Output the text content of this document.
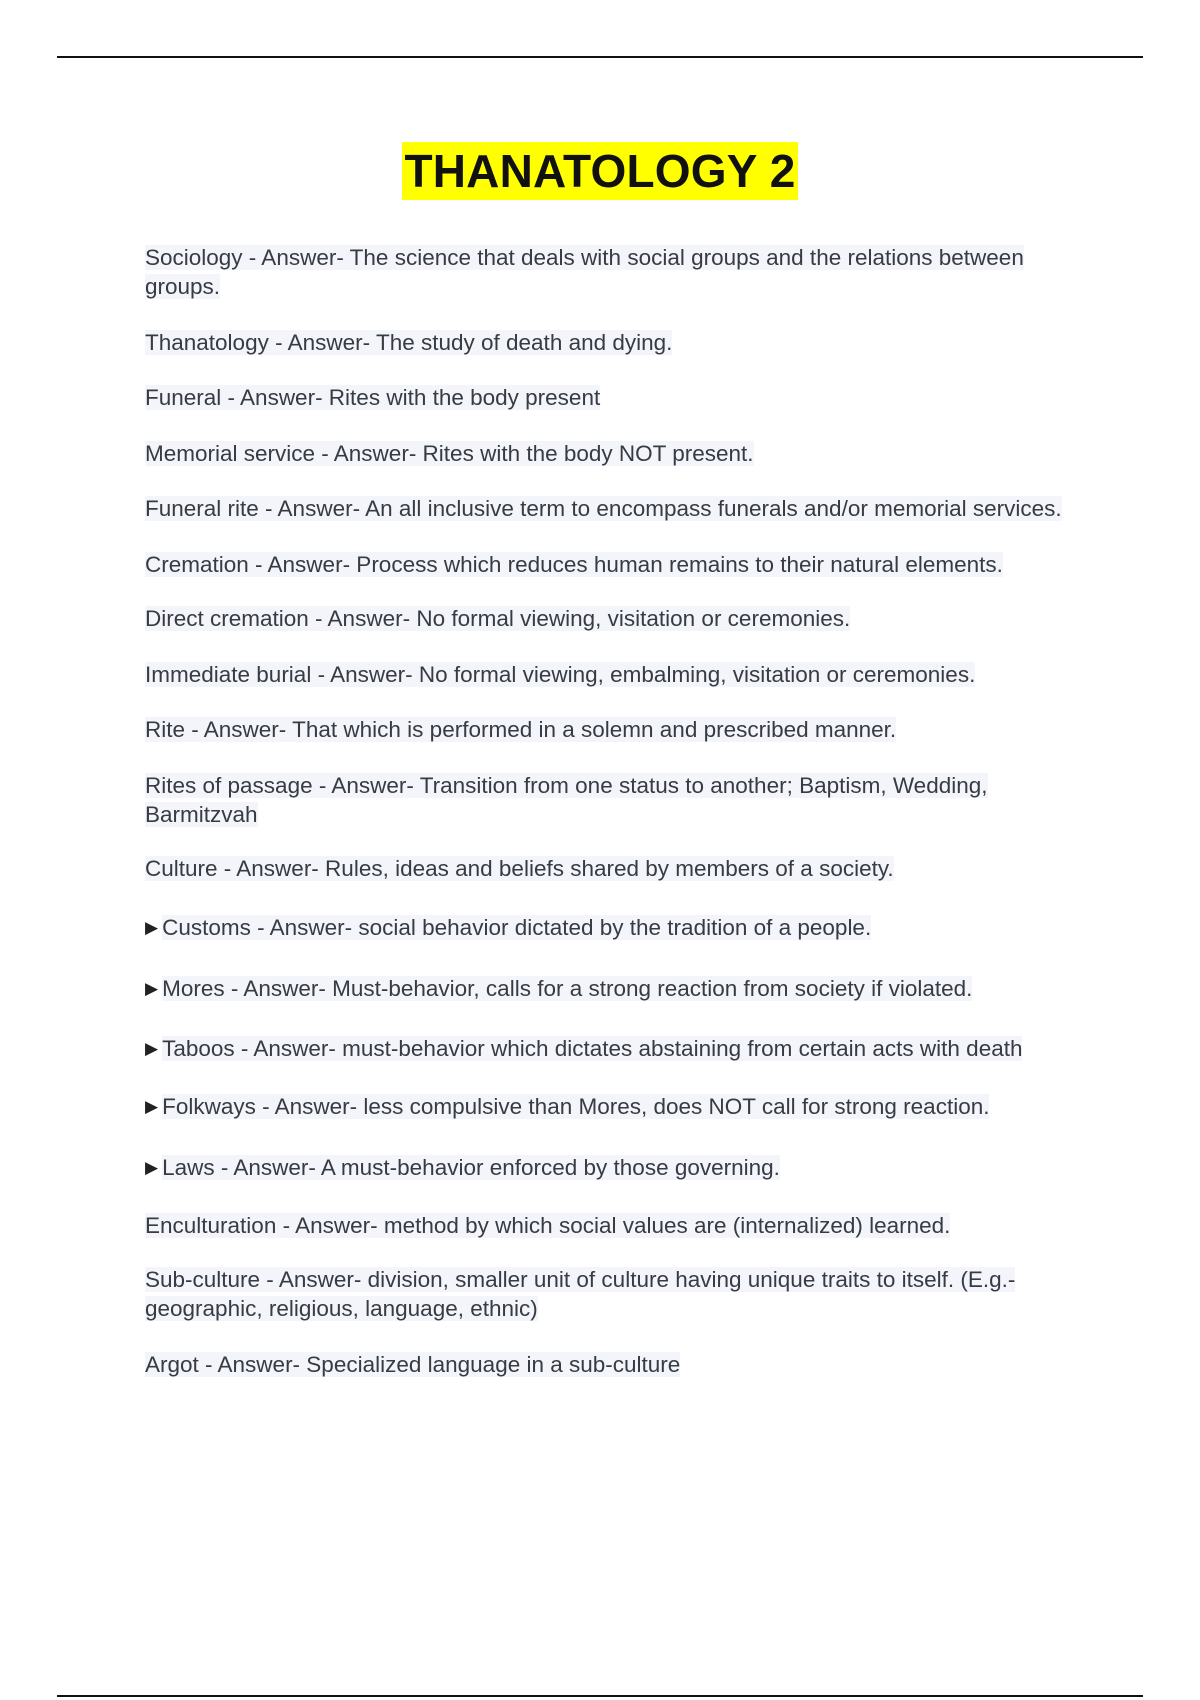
THANATOLOGY 2

Sociology - Answer- The science that deals with social groups and the relations between groups.

Thanatology - Answer- The study of death and dying.

Funeral - Answer- Rites with the body present

Memorial service - Answer- Rites with the body NOT present.

Funeral rite - Answer- An all inclusive term to encompass funerals and/or memorial services.

Cremation - Answer- Process which reduces human remains to their natural elements.

Direct cremation - Answer- No formal viewing, visitation or ceremonies.

Immediate burial - Answer- No formal viewing, embalming, visitation or ceremonies.

Rite - Answer- That which is performed in a solemn and prescribed manner.

Rites of passage - Answer- Transition from one status to another; Baptism, Wedding, Barmitzvah

Culture - Answer- Rules, ideas and beliefs shared by members of a society.

▶ Customs - Answer- social behavior dictated by the tradition of a people.

▶ Mores - Answer- Must-behavior, calls for a strong reaction from society if violated.

▶ Taboos - Answer- must-behavior which dictates abstaining from certain acts with death

▶ Folkways - Answer- less compulsive than Mores, does NOT call for strong reaction.

▶ Laws - Answer- A must-behavior enforced by those governing.

Enculturation - Answer- method by which social values are (internalized) learned.

Sub-culture - Answer- division, smaller unit of culture having unique traits to itself. (E.g.-geographic, religious, language, ethnic)

Argot - Answer- Specialized language in a sub-culture
